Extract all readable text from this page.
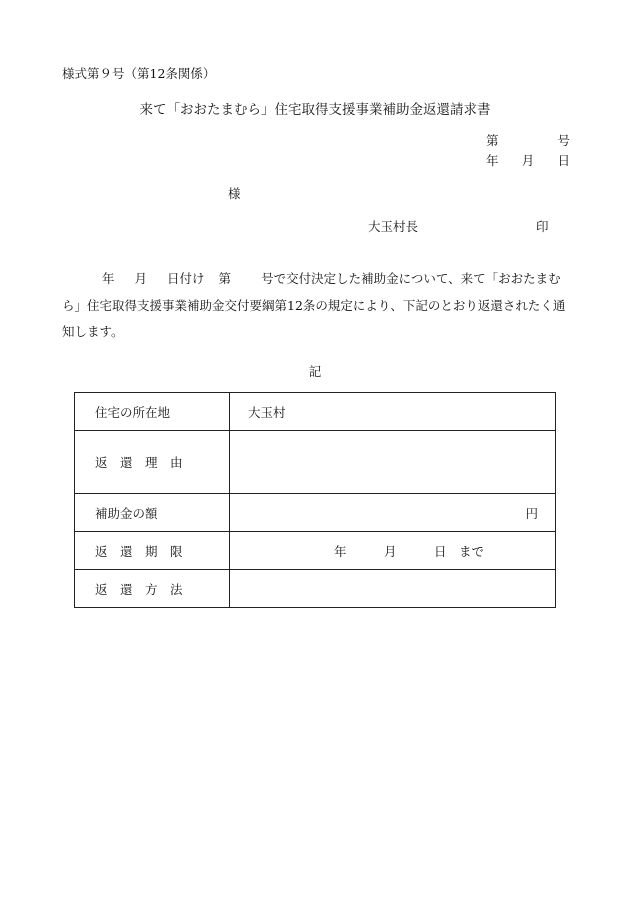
様式第９号（第12条関係）
来て「おおたまむら」住宅取得支援事業補助金返還請求書
第	号
年 月 日
様
大玉村長	印
年 月 日付け 第 号で交付決定した補助金について、来て「おおたまむら」住宅取得支援事業補助金交付要綱第12条の規定により、下記のとおり返還されたく通知します。
記
住宅の所在地	大玉村
返　還　理　由	
補助金の額	円
返　還　期　限	年　　　月　　　日　まで
返　還　方　法	
